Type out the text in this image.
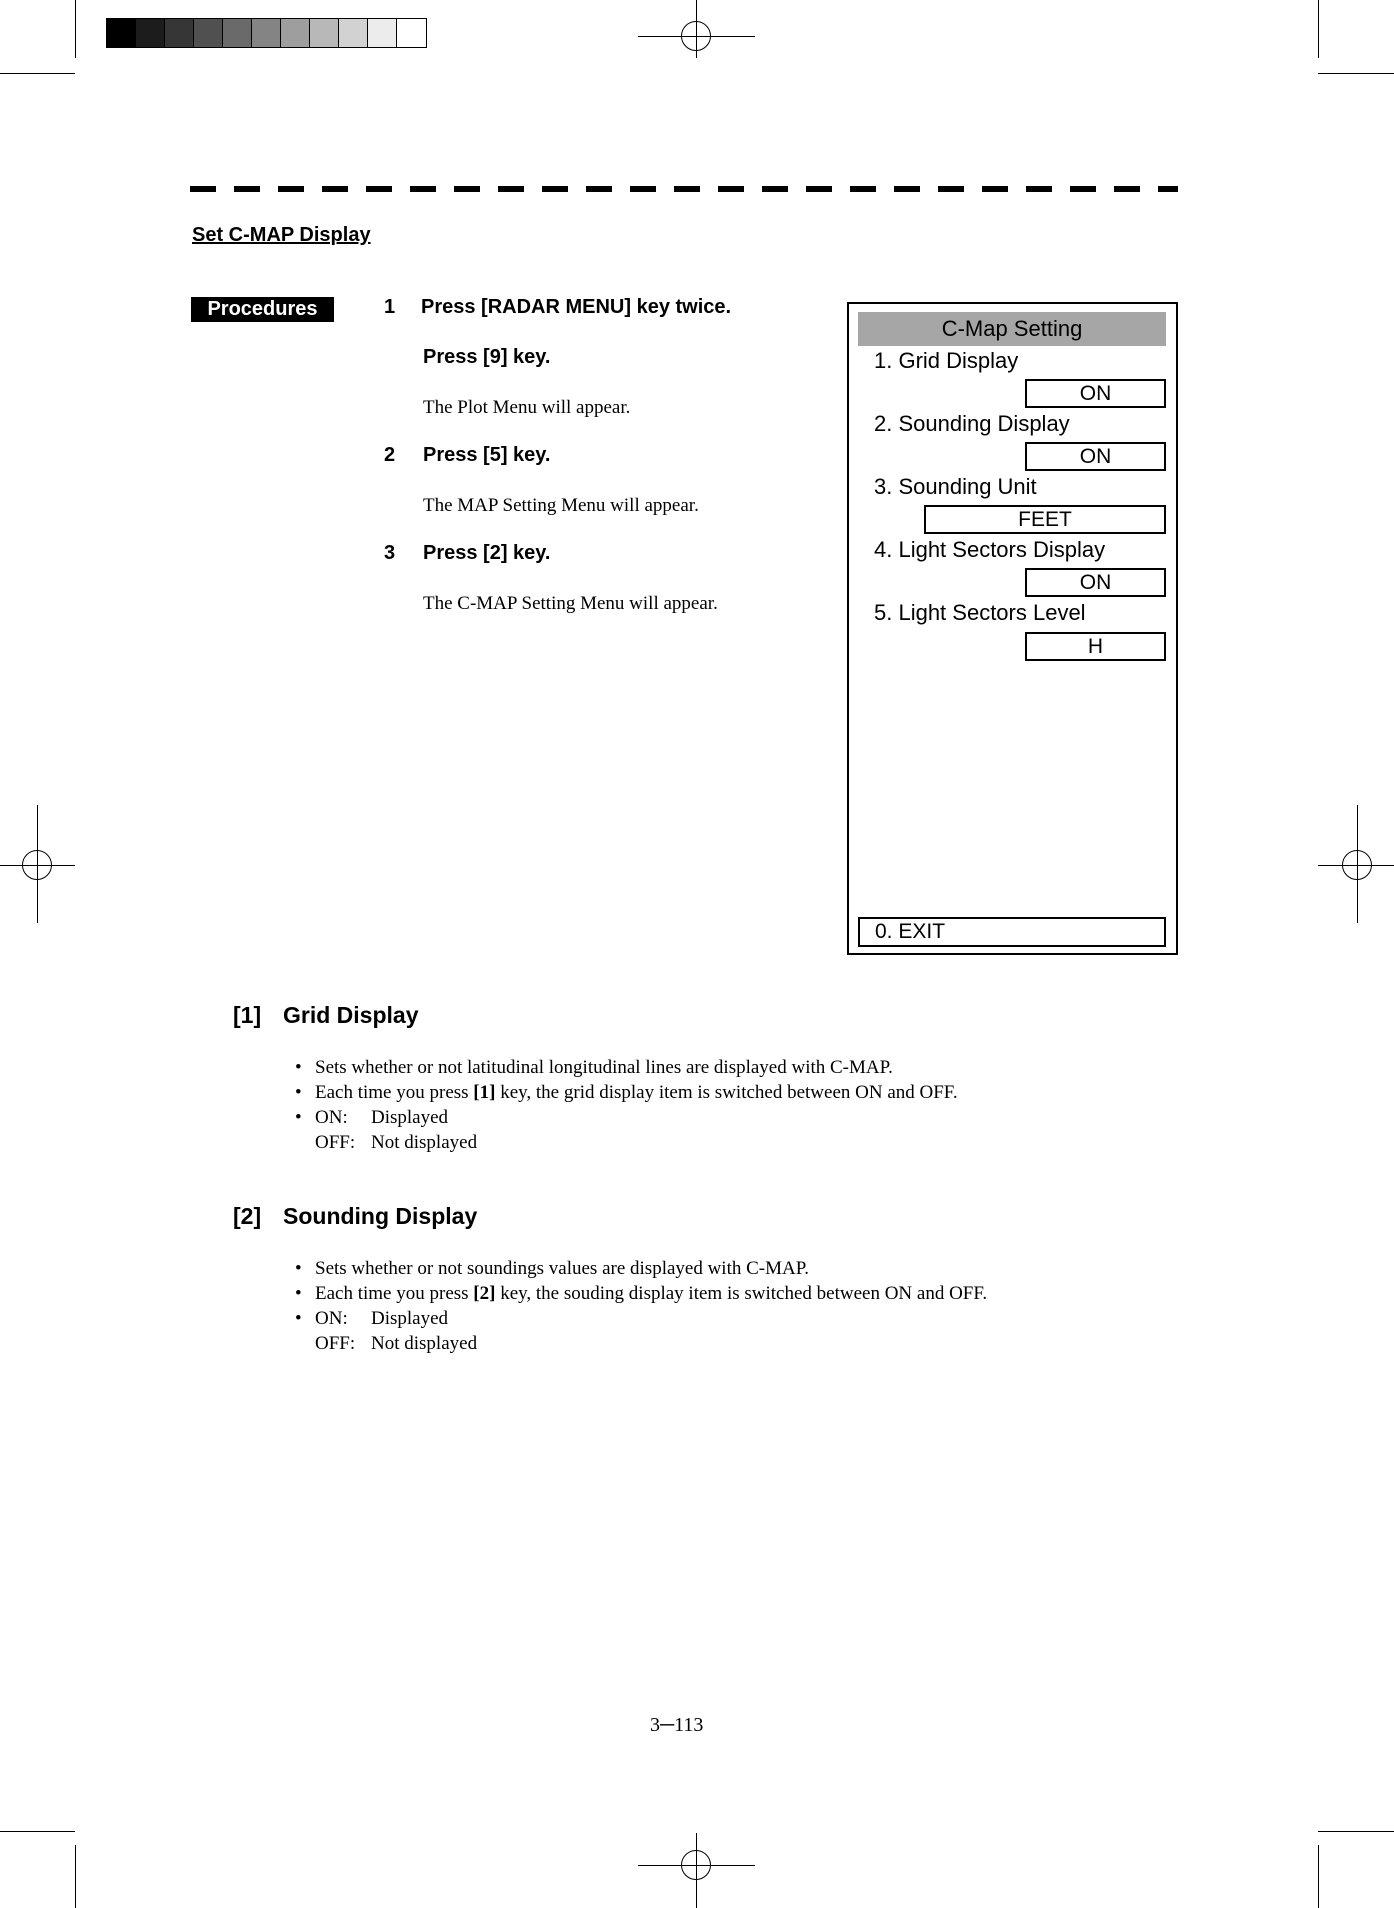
Set C-MAP Display
Procedures	1 Press [RADAR MENU] key twice.
Press [9] key.
The Plot Menu will appear.
2 Press [5] key.
The MAP Setting Menu will appear.
3 Press [2] key.
The C-MAP Setting Menu will appear.
C-Map Setting
1. Grid Display
ON
2. Sounding Display
ON
3. Sounding Unit
FEET
4. Light Sectors Display
ON
5. Light Sectors Level
H
0. EXIT
[1] Grid Display
• Sets whether or not latitudinal longitudinal lines are displayed with C-MAP.
• Each time you press [1] key, the grid display item is switched between ON and OFF.
• ON: Displayed
OFF: Not displayed
[2] Sounding Display
• Sets whether or not soundings values are displayed with C-MAP.
• Each time you press [2] key, the souding display item is switched between ON and OFF.
• ON: Displayed
OFF: Not displayed
3─113
